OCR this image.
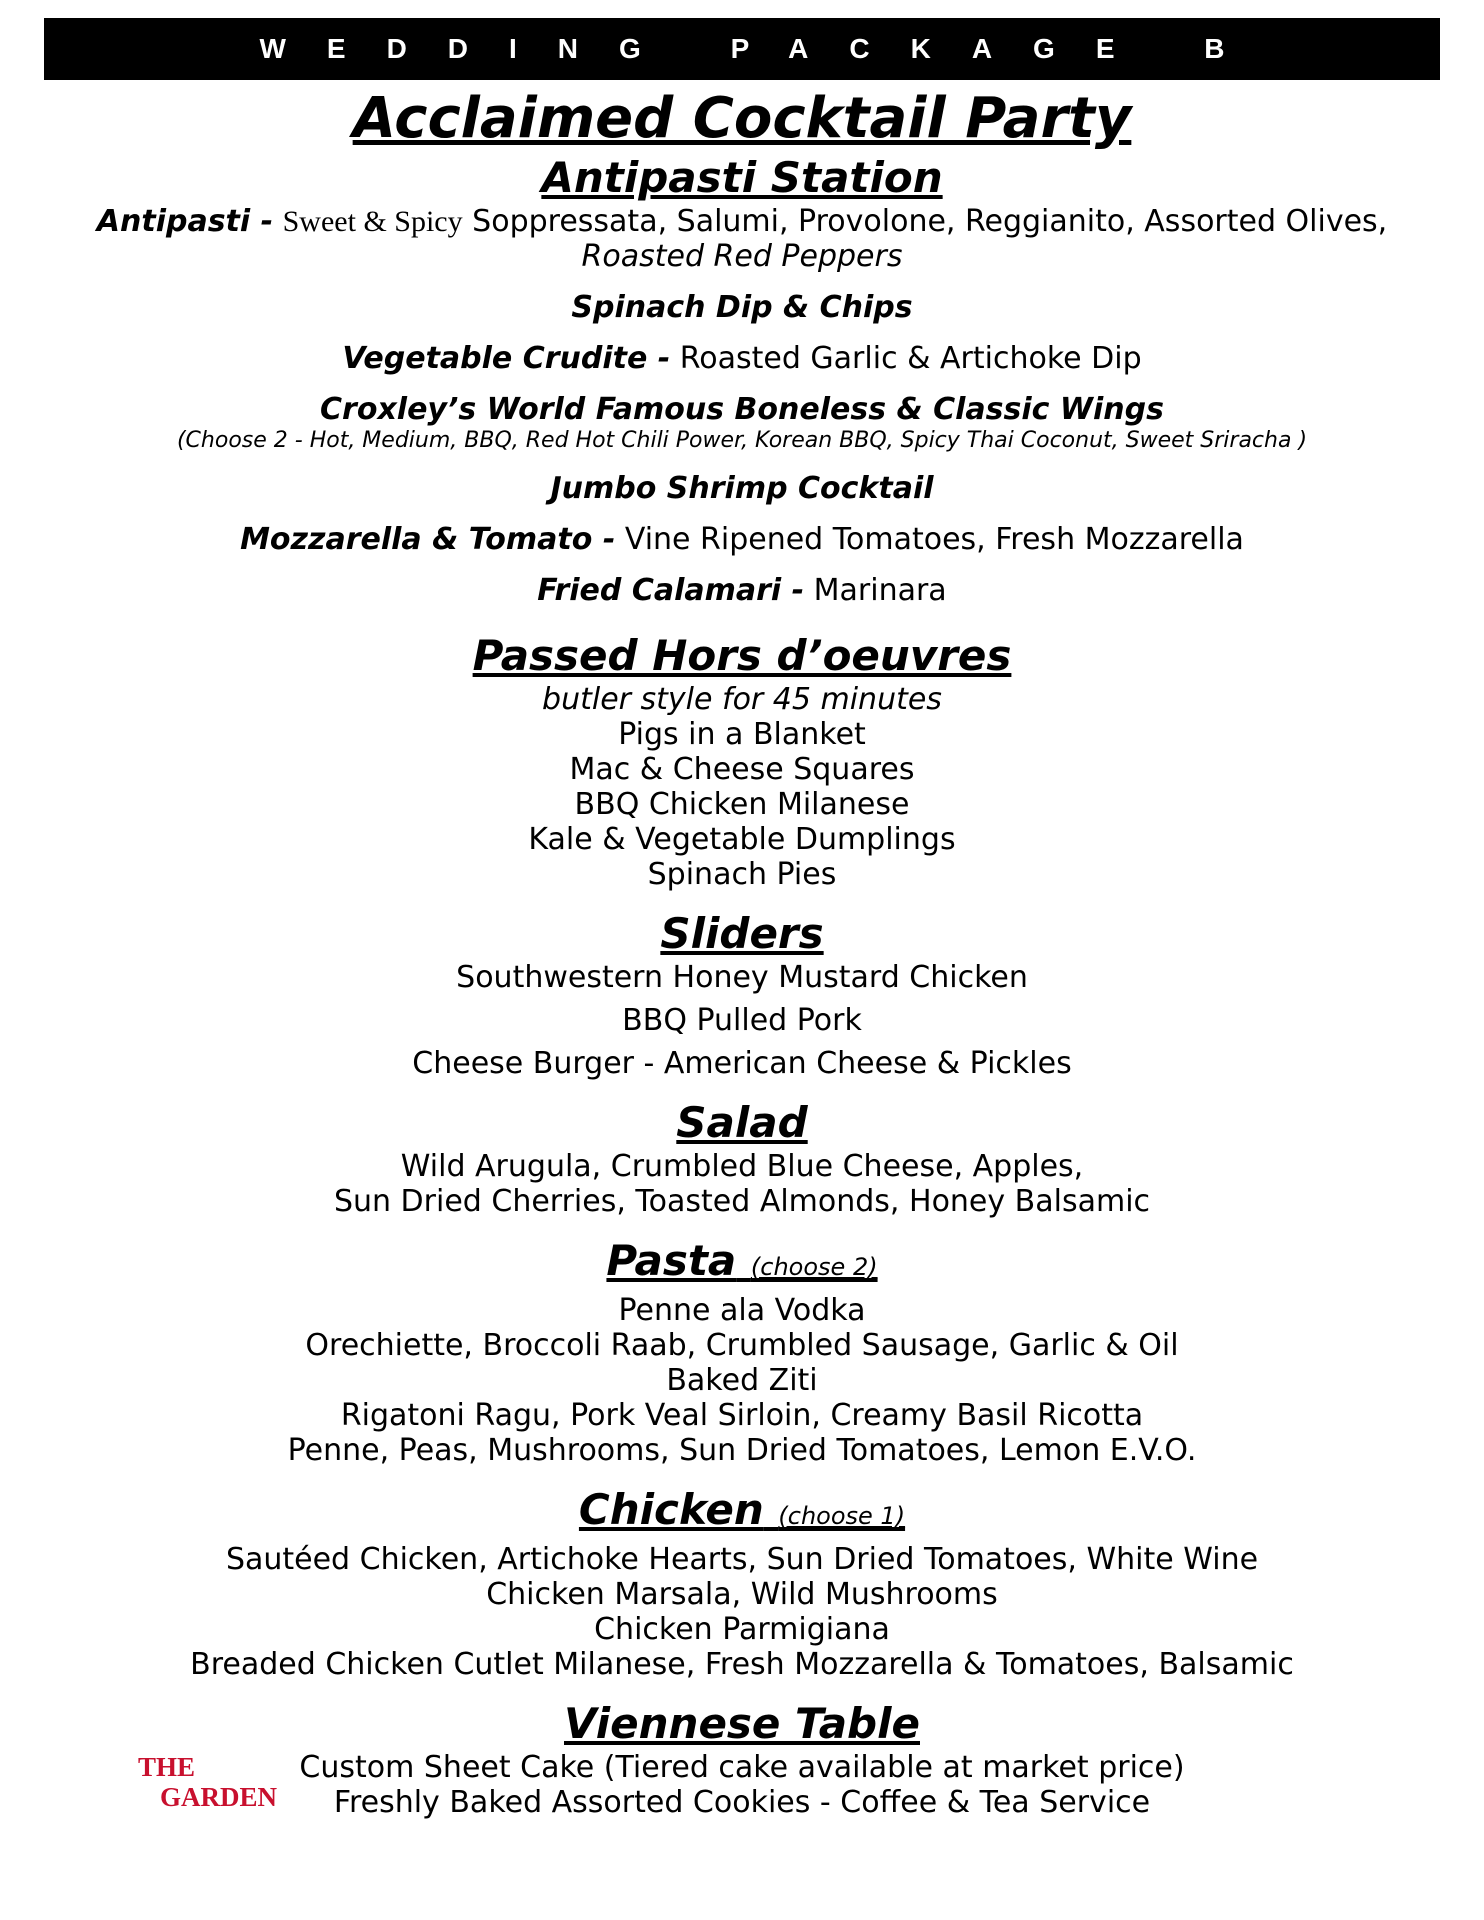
WEDDING PACKAGE B
Acclaimed Cocktail Party
Antipasti Station

Antipasti - Sweet & Spicy Soppressata, Salumi, Provolone, Reggianito, Assorted Olives,

Roasted Red Peppers

Spinach Dip & Chips

Vegetable Crudite - Roasted Garlic & Artichoke Dip

Croxley’s World Famous Boneless & Classic Wings

(Choose 2 - Hot, Medium, BBQ, Red Hot Chili Power, Korean BBQ, Spicy Thai Coconut, Sweet Sriracha )

Jumbo Shrimp Cocktail

Mozzarella & Tomato - Vine Ripened Tomatoes, Fresh Mozzarella

Fried Calamari - Marinara

Passed Hors d’oeuvres

butler style for 45 minutes

Pigs in a Blanket

Mac & Cheese Squares

BBQ Chicken Milanese

Kale & Vegetable Dumplings

Spinach Pies

Sliders

Southwestern Honey Mustard Chicken

BBQ Pulled Pork

Cheese Burger - American Cheese & Pickles

Salad

Wild Arugula, Crumbled Blue Cheese, Apples,

Sun Dried Cherries, Toasted Almonds, Honey Balsamic

Pasta (choose 2)

Penne ala Vodka

Orechiette, Broccoli Raab, Crumbled Sausage, Garlic & Oil

Baked Ziti

Rigatoni Ragu, Pork Veal Sirloin, Creamy Basil Ricotta

Penne, Peas, Mushrooms, Sun Dried Tomatoes, Lemon E.V.O.

Chicken (choose 1)

Sautéed Chicken, Artichoke Hearts, Sun Dried Tomatoes, White Wine

Chicken Marsala, Wild Mushrooms

Chicken Parmigiana

Breaded Chicken Cutlet Milanese, Fresh Mozzarella & Tomatoes, Balsamic

Viennese Table

Custom Sheet Cake (Tiered cake available at market price)

Freshly Baked Assorted Cookies - Coffee & Tea Service

THE
GARDEN
